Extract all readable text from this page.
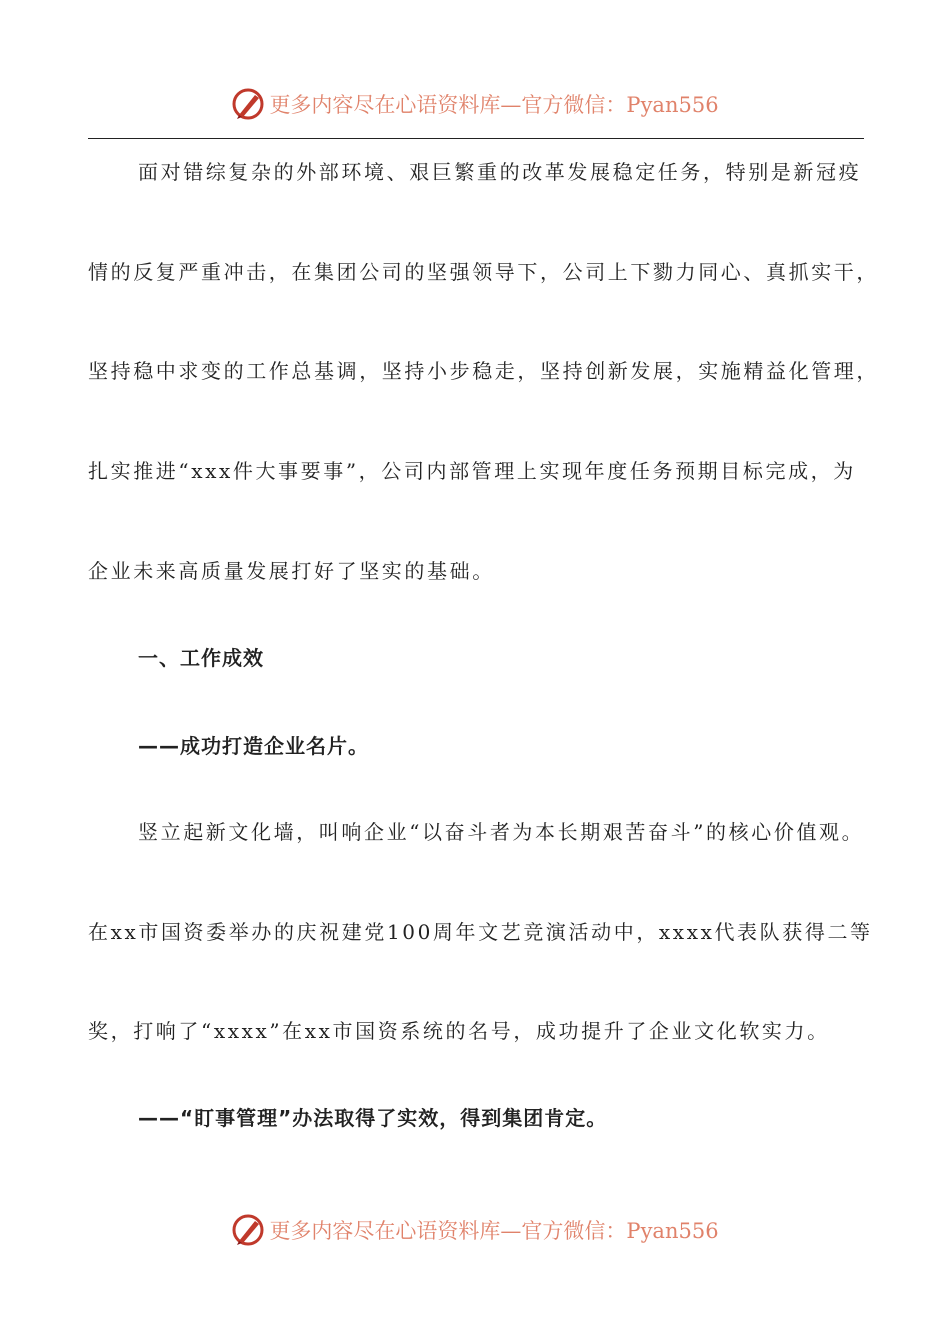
更多内容尽在心语资料库—官方微信：Pyan556
面对错综复杂的外部环境、艰巨繁重的改革发展稳定任务，特别是新冠疫
情的反复严重冲击，在集团公司的坚强领导下，公司上下勠力同心、真抓实干，
坚持稳中求变的工作总基调，坚持小步稳走，坚持创新发展，实施精益化管理，
扎实推进“xxx件大事要事”，公司内部管理上实现年度任务预期目标完成，为
企业未来高质量发展打好了坚实的基础。
一、工作成效
——成功打造企业名片。
竖立起新文化墙，叫响企业“以奋斗者为本长期艰苦奋斗”的核心价值观。
在xx市国资委举办的庆祝建党100周年文艺竞演活动中，xxxx代表队获得二等
奖，打响了“xxxx”在xx市国资系统的名号，成功提升了企业文化软实力。
——“盯事管理”办法取得了实效，得到集团肯定。
更多内容尽在心语资料库—官方微信：Pyan556
